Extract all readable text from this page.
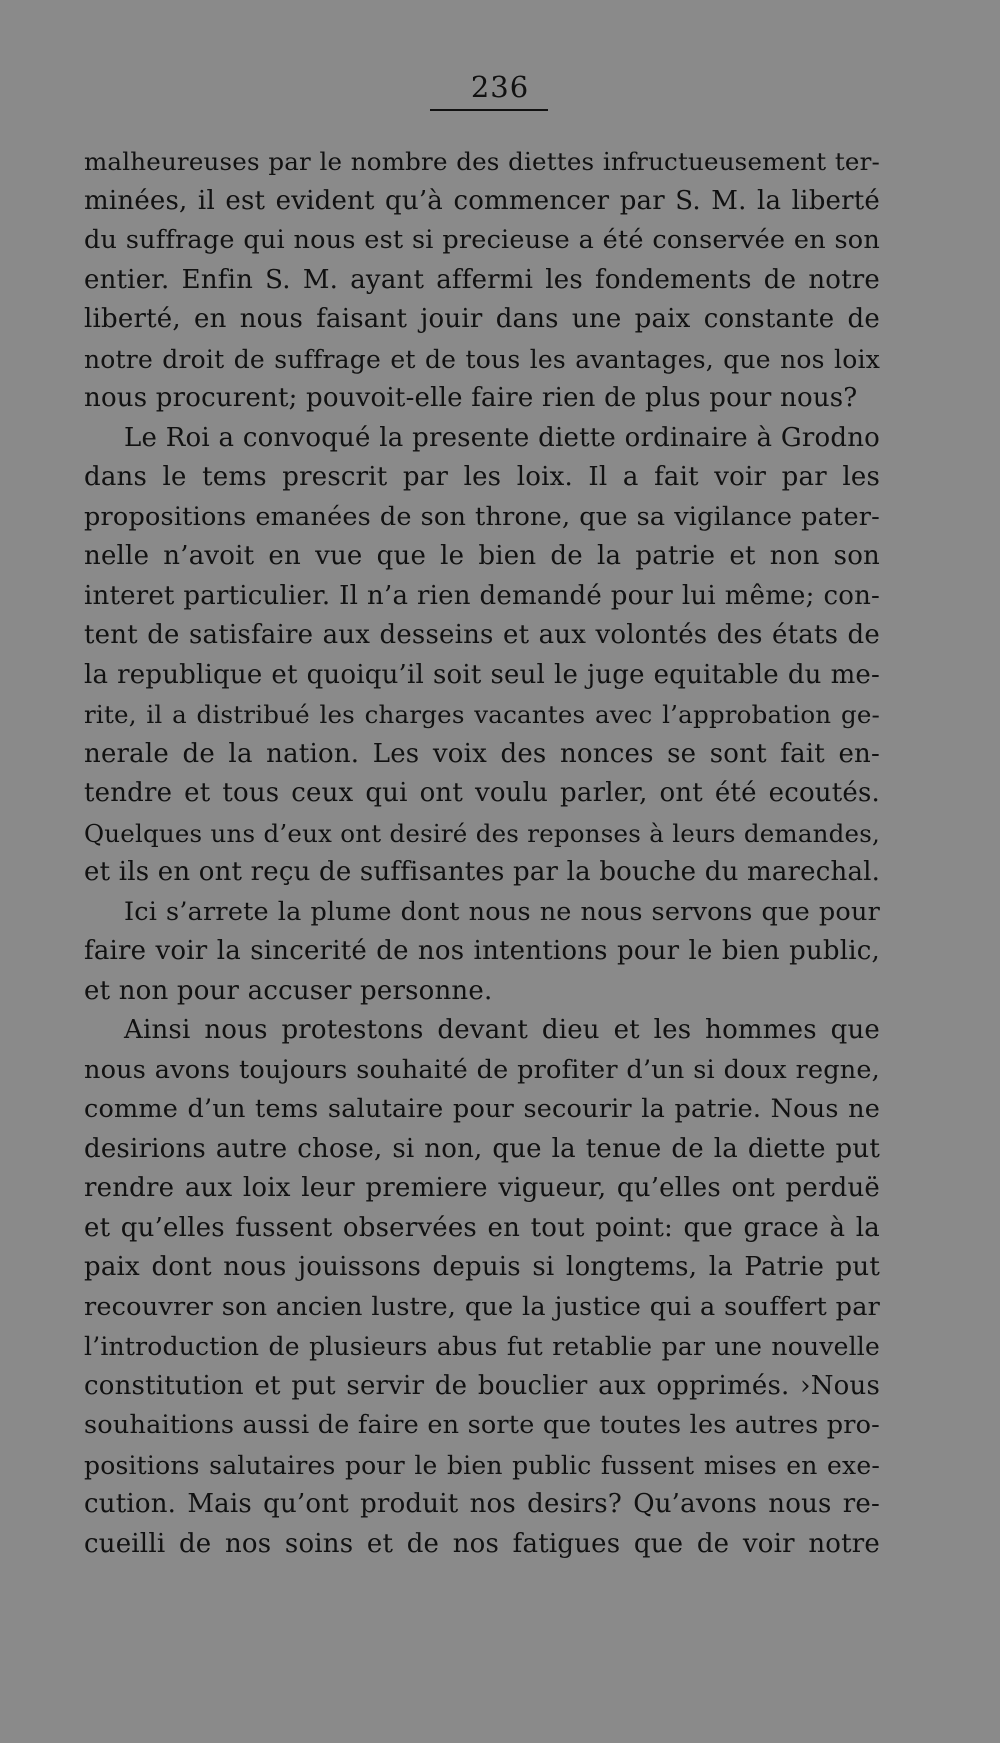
236
malheureuses par le nombre des diettes infructueusement ter-
minées, il est evident qu’à commencer par S. M. la liberté
du suffrage qui nous est si precieuse a été conservée en son
entier. Enfin S. M. ayant affermi les fondements de notre
liberté, en nous faisant jouir dans une paix constante de
notre droit de suffrage et de tous les avantages, que nos loix
nous procurent; pouvoit-elle faire rien de plus pour nous?
Le Roi a convoqué la presente diette ordinaire à Grodno
dans le tems prescrit par les loix. Il a fait voir par les
propositions emanées de son throne, que sa vigilance pater-
nelle n’avoit en vue que le bien de la patrie et non son
interet particulier. Il n’a rien demandé pour lui même; con-
tent de satisfaire aux desseins et aux volontés des états de
la republique et quoiqu’il soit seul le juge equitable du me-
rite, il a distribué les charges vacantes avec l’approbation ge-
nerale de la nation. Les voix des nonces se sont fait en-
tendre et tous ceux qui ont voulu parler, ont été ecoutés.
Quelques uns d’eux ont desiré des reponses à leurs demandes,
et ils en ont reçu de suffisantes par la bouche du marechal.
Ici s’arrete la plume dont nous ne nous servons que pour
faire voir la sincerité de nos intentions pour le bien public,
et non pour accuser personne.
Ainsi nous protestons devant dieu et les hommes que
nous avons toujours souhaité de profiter d’un si doux regne,
comme d’un tems salutaire pour secourir la patrie. Nous ne
desirions autre chose, si non, que la tenue de la diette put
rendre aux loix leur premiere vigueur, qu’elles ont perduë
et qu’elles fussent observées en tout point: que grace à la
paix dont nous jouissons depuis si longtems, la Patrie put
recouvrer son ancien lustre, que la justice qui a souffert par
l’introduction de plusieurs abus fut retablie par une nouvelle
constitution et put servir de bouclier aux opprimés. ›Nous
souhaitions aussi de faire en sorte que toutes les autres pro-
positions salutaires pour le bien public fussent mises en exe-
cution. Mais qu’ont produit nos desirs? Qu’avons nous re-
cueilli de nos soins et de nos fatigues que de voir notre
